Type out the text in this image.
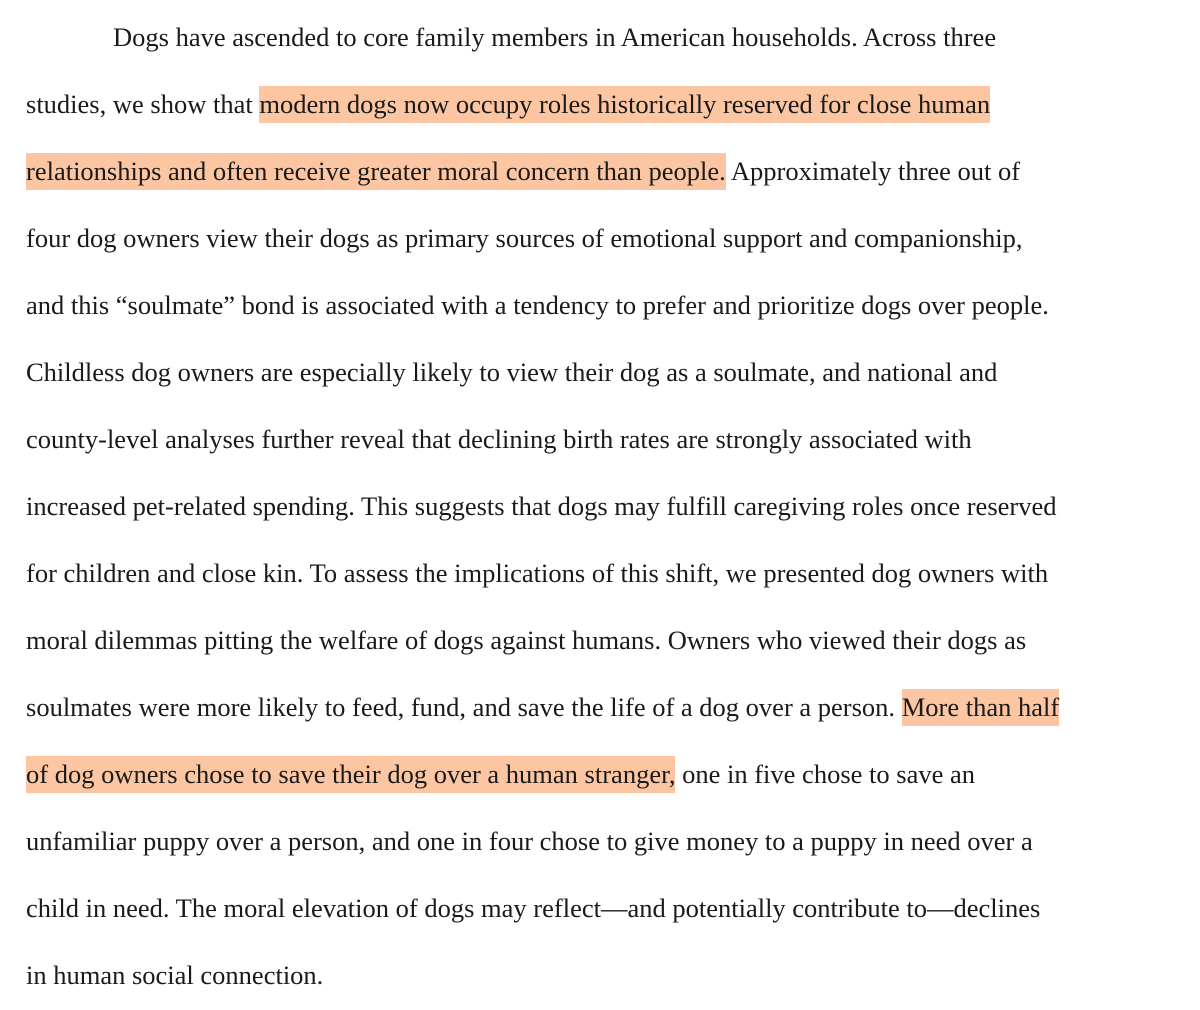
Dogs have ascended to core family members in American households. Across three
studies, we show that modern dogs now occupy roles historically reserved for close human
relationships and often receive greater moral concern than people. Approximately three out of
four dog owners view their dogs as primary sources of emotional support and companionship,
and this “soulmate” bond is associated with a tendency to prefer and prioritize dogs over people.
Childless dog owners are especially likely to view their dog as a soulmate, and national and
county-level analyses further reveal that declining birth rates are strongly associated with
increased pet-related spending. This suggests that dogs may fulfill caregiving roles once reserved
for children and close kin. To assess the implications of this shift, we presented dog owners with
moral dilemmas pitting the welfare of dogs against humans. Owners who viewed their dogs as
soulmates were more likely to feed, fund, and save the life of a dog over a person. More than half
of dog owners chose to save their dog over a human stranger, one in five chose to save an
unfamiliar puppy over a person, and one in four chose to give money to a puppy in need over a
child in need. The moral elevation of dogs may reflect—and potentially contribute to—declines
in human social connection.
